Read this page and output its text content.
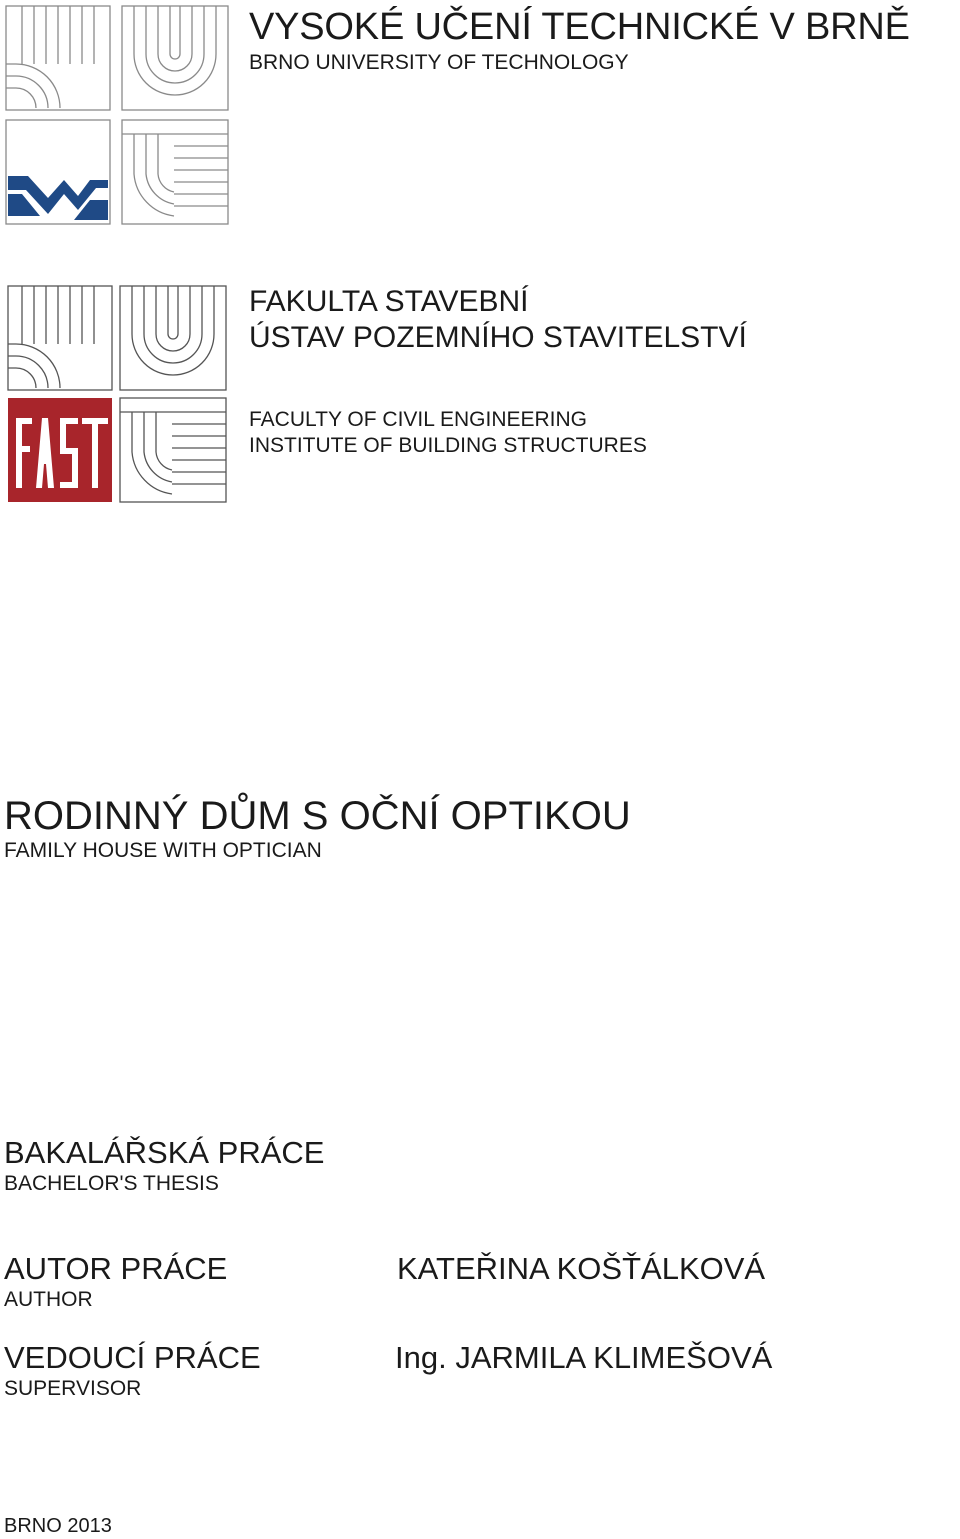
VYSOKÉ UČENÍ TECHNICKÉ V BRNĚ
BRNO UNIVERSITY OF TECHNOLOGY
FAKULTA STAVEBNÍ
ÚSTAV POZEMNÍHO STAVITELSTVÍ
FACULTY OF CIVIL ENGINEERING
INSTITUTE OF BUILDING STRUCTURES
RODINNÝ DŮM S OČNÍ OPTIKOU
FAMILY HOUSE WITH OPTICIAN
BAKALÁŘSKÁ PRÁCE
BACHELOR'S THESIS
AUTOR PRÁCE
AUTHOR
KATEŘINA KOŠŤÁLKOVÁ
VEDOUCÍ PRÁCE
SUPERVISOR
Ing. JARMILA KLIMEŠOVÁ
BRNO 2013
